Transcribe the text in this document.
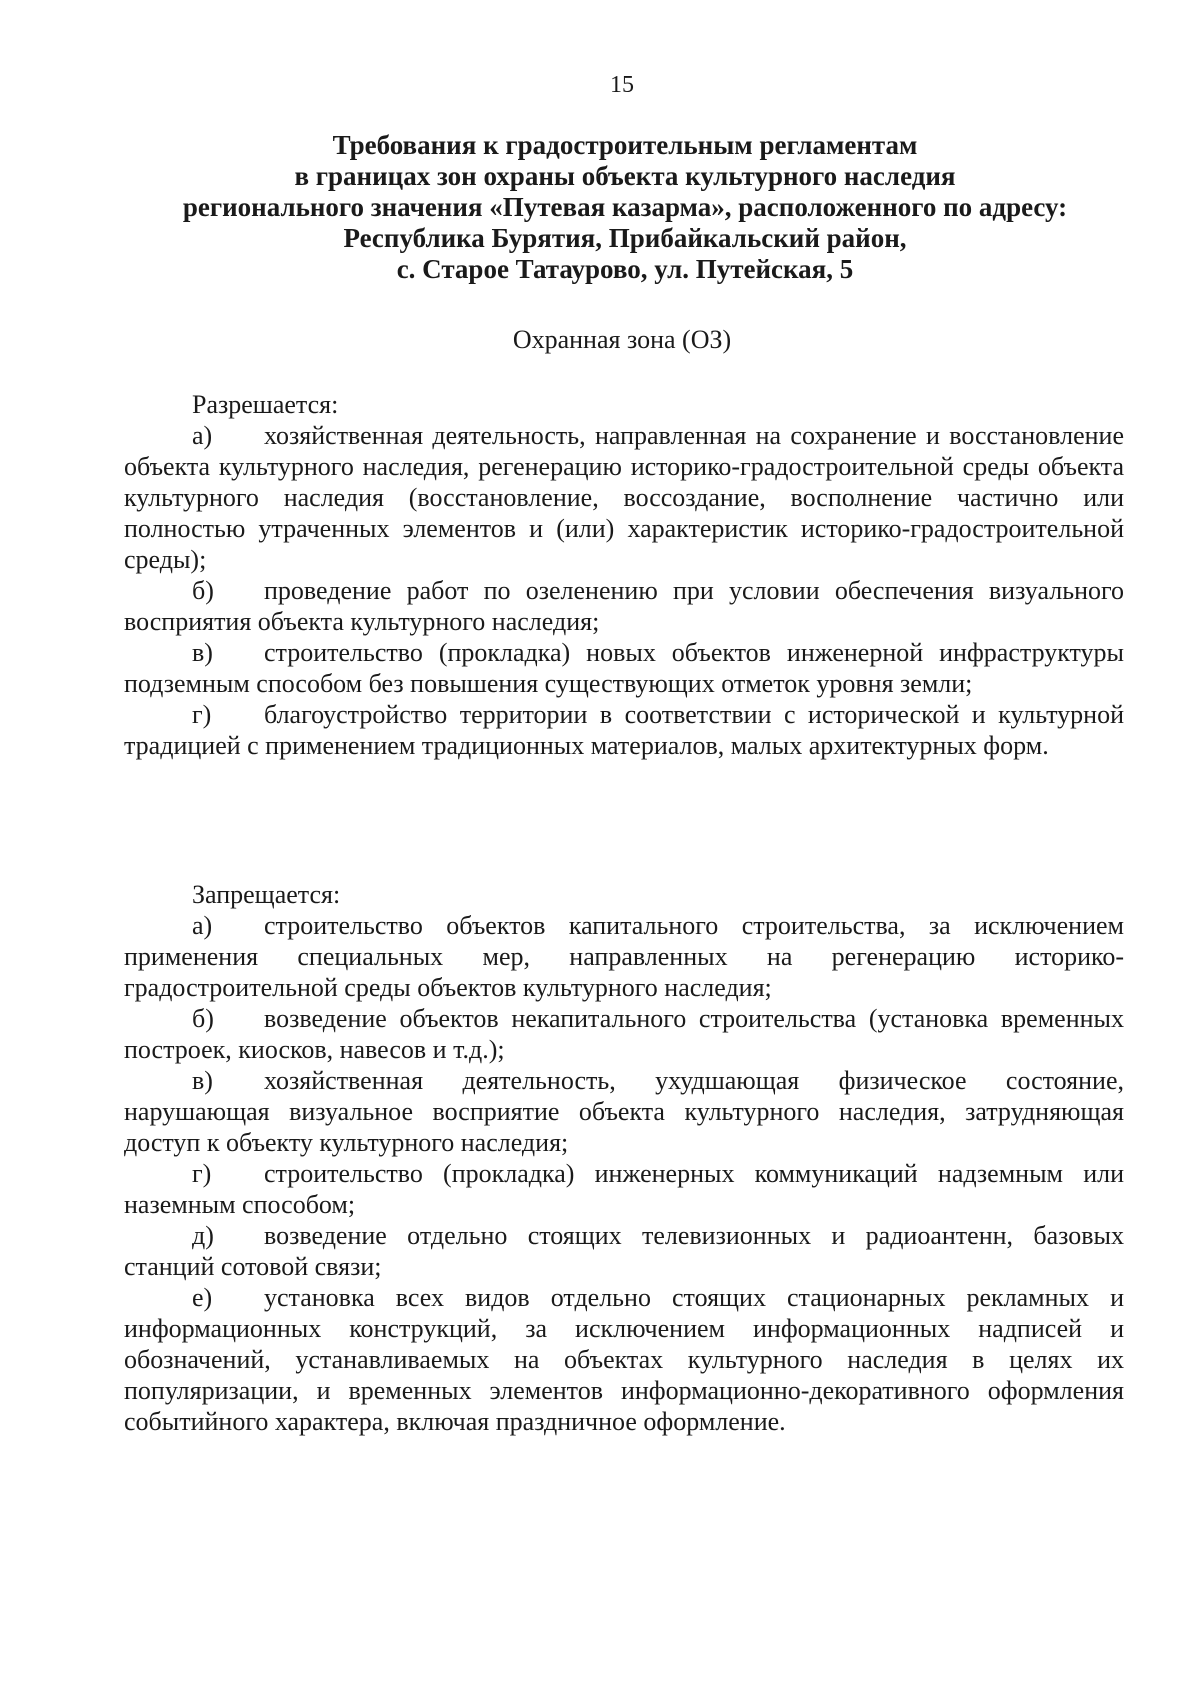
15
Требования к градостроительным регламентам
в границах зон охраны объекта культурного наследия
регионального значения «Путевая казарма», расположенного по адресу:
Республика Бурятия, Прибайкальский район,
с. Старое Татаурово, ул. Путейская, 5
Охранная зона (ОЗ)
Разрешается:
а) хозяйственная деятельность, направленная на сохранение и восстановление объекта культурного наследия, регенерацию историко-градостроительной среды объекта культурного наследия (восстановление, воссоздание, восполнение частично или полностью утраченных элементов и (или) характеристик историко-градостроительной среды);
б) проведение работ по озеленению при условии обеспечения визуального восприятия объекта культурного наследия;
в) строительство (прокладка) новых объектов инженерной инфраструктуры подземным способом без повышения существующих отметок уровня земли;
г) благоустройство территории в соответствии с исторической и культурной традицией с применением традиционных материалов, малых архитектурных форм.
Запрещается:
а) строительство объектов капитального строительства, за исключением применения специальных мер, направленных на регенерацию историко-градостроительной среды объектов культурного наследия;
б) возведение объектов некапитального строительства (установка временных построек, киосков, навесов и т.д.);
в) хозяйственная деятельность, ухудшающая физическое состояние, нарушающая визуальное восприятие объекта культурного наследия, затрудняющая доступ к объекту культурного наследия;
г) строительство (прокладка) инженерных коммуникаций надземным или наземным способом;
д) возведение отдельно стоящих телевизионных и радиоантенн, базовых станций сотовой связи;
е) установка всех видов отдельно стоящих стационарных рекламных и информационных конструкций, за исключением информационных надписей и обозначений, устанавливаемых на объектах культурного наследия в целях их популяризации, и временных элементов информационно-декоративного оформления событийного характера, включая праздничное оформление.
